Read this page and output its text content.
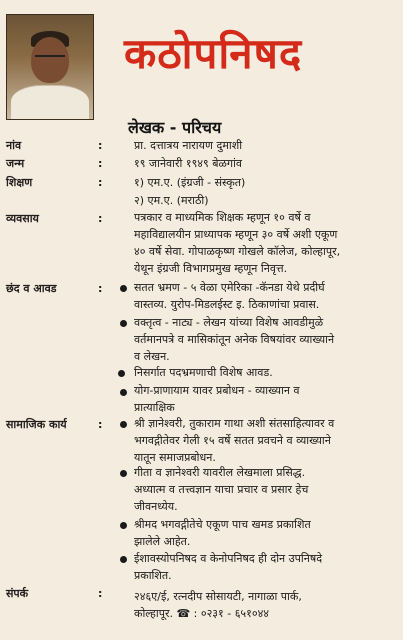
कठोपनिषद
लेखक - परिचय
नांव	:	प्रा. दत्तात्रय नारायण दुमाशी
जन्म	:	१९ जानेवारी १९४९ बेळगांव
शिक्षण	:	१) एम.ए. (इंग्रजी - संस्कृत)
२) एम.ए. (मराठी)
व्यवसाय	:	पत्रकार व माध्यमिक शिक्षक म्हणून १० वर्षे व
महाविद्यालयीन प्राध्यापक म्हणून ३० वर्षे अशी एकूण
४० वर्षे सेवा. गोपाळकृष्ण गोखले कॉलेज, कोल्हापूर,
येथून इंग्रजी विभागप्रमुख म्हणून निवृत्त.
छंद व आवड	:	सतत भ्रमण - ५ वेळा एमेरिका -कॅनडा येथे प्रदीर्घ
वास्तव्य. युरोप-मिडलईस्ट इ. ठिकाणांचा प्रवास.
वक्तृत्व - नाट्य - लेखन यांच्या विशेष आवडीमुळे
वर्तमानपत्रे व मासिकांतून अनेक विषयांवर व्याख्याने
व लेखन.
निसर्गात पदभ्रमणाची विशेष आवड.
योग-प्राणायाम यावर प्रबोधन - व्याख्यान व
प्रात्याक्षिक
सामाजिक कार्य	:	श्री ज्ञानेश्वरी, तुकाराम गाथा अशी संतसाहित्यावर व
भगवद्गीतेवर गेली १५ वर्षे सतत प्रवचने व व्याख्याने
यातून समाजप्रबोधन.
गीता व ज्ञानेश्वरी यावरील लेखमाला प्रसिद्ध.
अध्यात्म व तत्त्वज्ञान याचा प्रचार व प्रसार हेच
जीवनध्येय.
श्रीमद भगवद्गीतेचे एकूण पाच खमड प्रकाशित
झालेले आहेत.
ईशावस्योपनिषद व केनोपनिषद ही दोन उपनिषदे
प्रकाशित.
संपर्क	:	२४६ए/ई, रत्नदीप सोसायटी, नागाळा पार्क,
कोल्हापूर. ☎ : ०२३१ - ६५१०४४
